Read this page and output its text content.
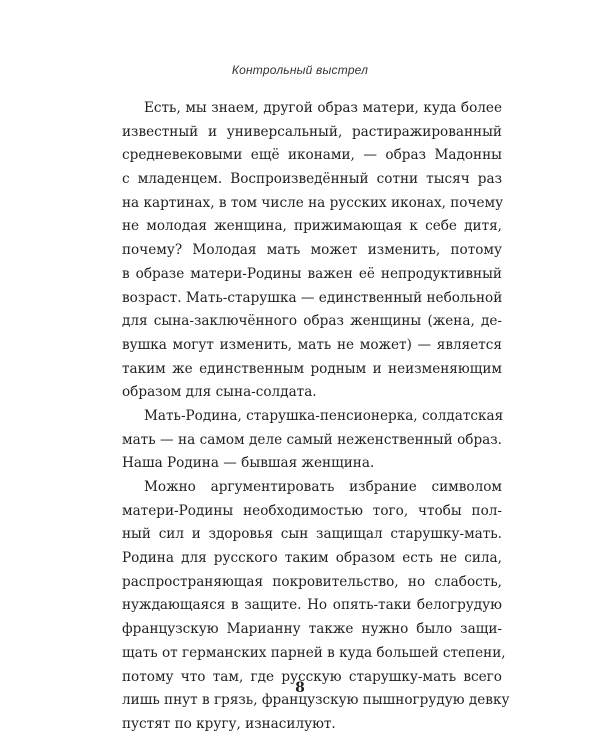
Контрольный выстрел
Есть, мы знаем, другой образ матери, куда более
известный и универсальный, растиражированный
средневековыми ещё иконами, — образ Мадонны
с младенцем. Воспроизведённый сотни тысяч раз
на картинах, в том числе на русских иконах, почему
не молодая женщина, прижимающая к себе дитя,
почему? Молодая мать может изменить, потому
в образе матери-Родины важен её непродуктивный
возраст. Мать-старушка — единственный небольной
для сына-заключённого образ женщины (жена, де-
вушка могут изменить, мать не может) — является
таким же единственным родным и неизменяющим
образом для сына-солдата.
Мать-Родина, старушка-пенсионерка, солдатская
мать — на самом деле самый неженственный образ.
Наша Родина — бывшая женщина.
Можно аргументировать избрание символом
матери-Родины необходимостью того, чтобы пол-
ный сил и здоровья сын защищал старушку-мать.
Родина для русского таким образом есть не сила,
распространяющая покровительство, но слабость,
нуждающаяся в защите. Но опять-таки белогрудую
французскую Марианну также нужно было защи-
щать от германских парней в куда большей степени,
потому что там, где русскую старушку-мать всего
лишь пнут в грязь, французскую пышногрудую девку
пустят по кругу, изнасилуют.
8
